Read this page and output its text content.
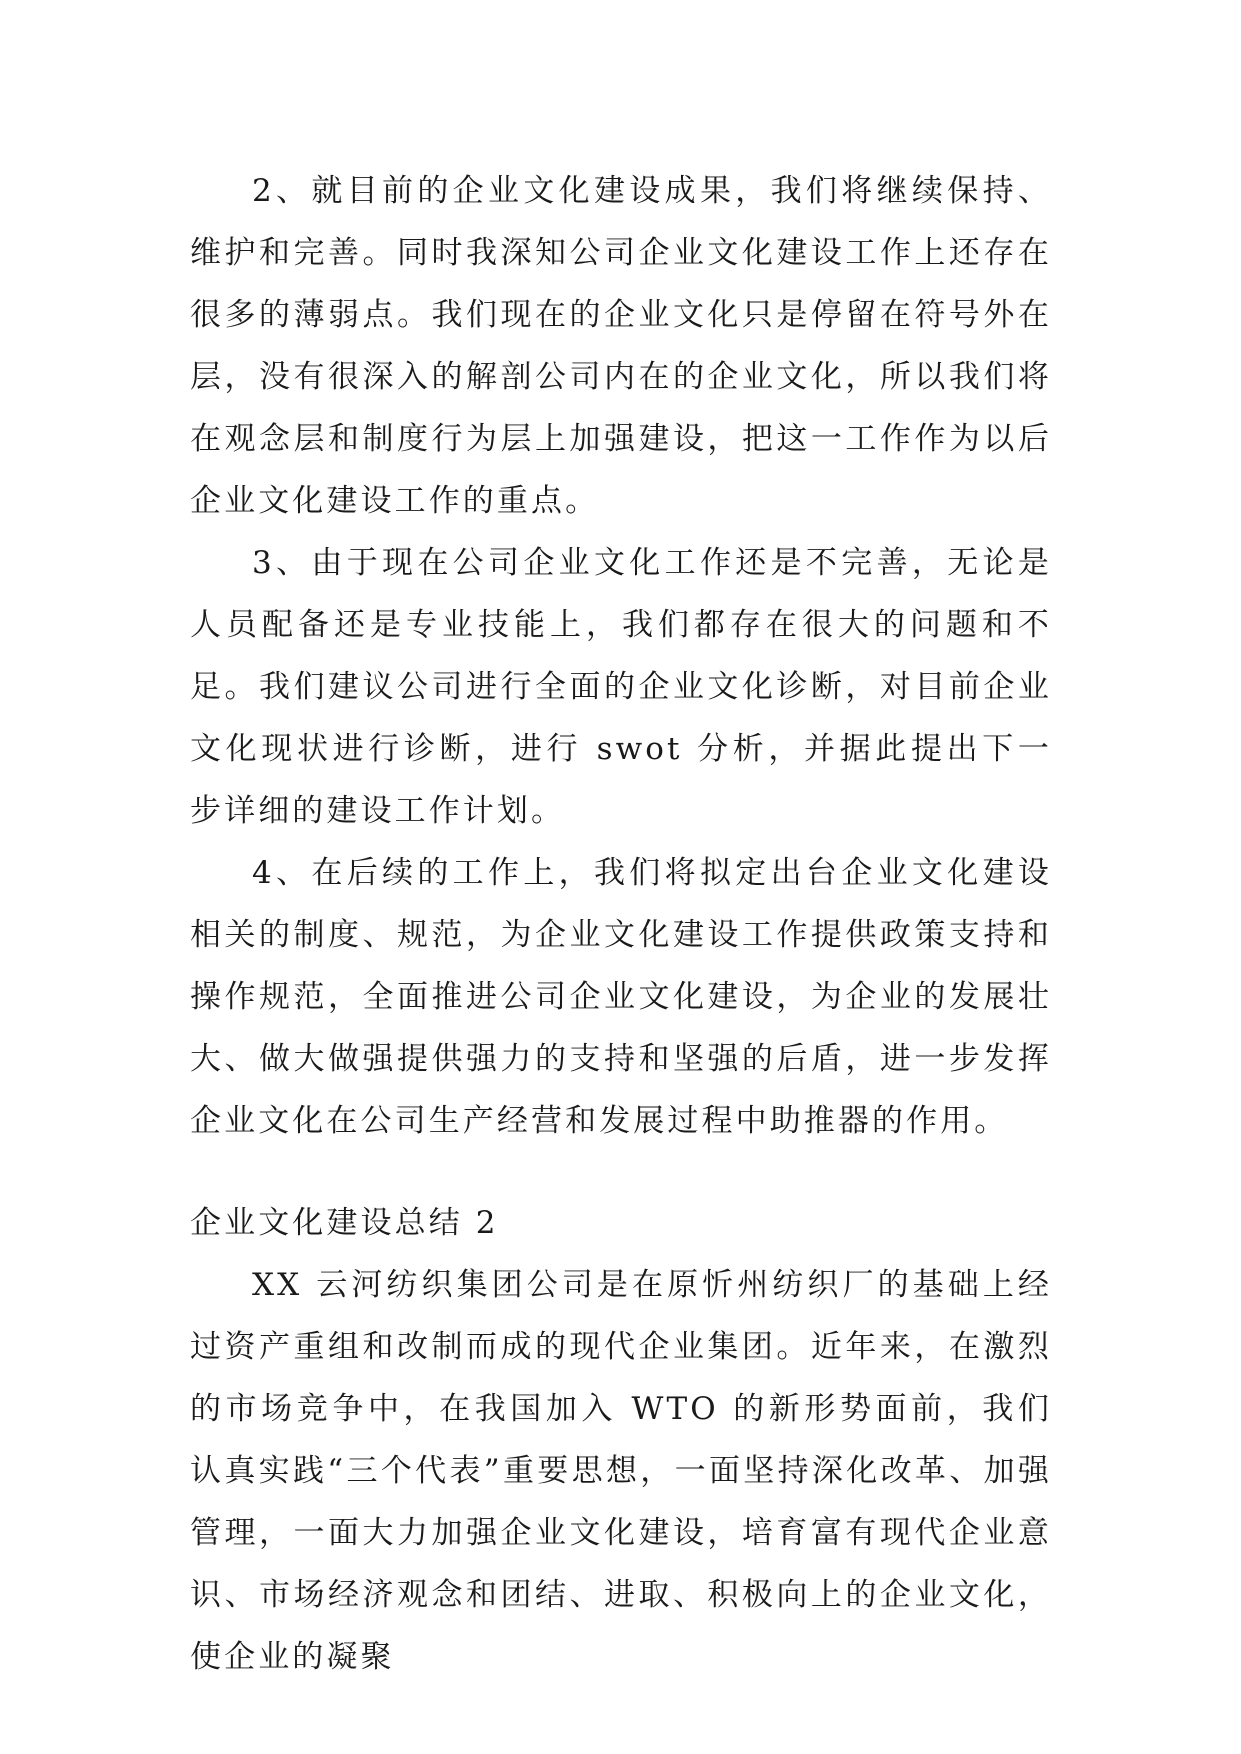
2、就目前的企业文化建设成果，我们将继续保持、维护和完善。同时我深知公司企业文化建设工作上还存在很多的薄弱点。我们现在的企业文化只是停留在符号外在层，没有很深入的解剖公司内在的企业文化，所以我们将在观念层和制度行为层上加强建设，把这一工作作为以后企业文化建设工作的重点。

3、由于现在公司企业文化工作还是不完善，无论是人员配备还是专业技能上，我们都存在很大的问题和不足。我们建议公司进行全面的企业文化诊断，对目前企业文化现状进行诊断，进行 swot 分析，并据此提出下一步详细的建设工作计划。

4、在后续的工作上，我们将拟定出台企业文化建设相关的制度、规范，为企业文化建设工作提供政策支持和操作规范，全面推进公司企业文化建设，为企业的发展壮大、做大做强提供强力的支持和坚强的后盾，进一步发挥企业文化在公司生产经营和发展过程中助推器的作用。

企业文化建设总结 2

XX 云河纺织集团公司是在原忻州纺织厂的基础上经过资产重组和改制而成的现代企业集团。近年来，在激烈的市场竞争中，在我国加入 WTO 的新形势面前，我们认真实践“三个代表”重要思想，一面坚持深化改革、加强管理，一面大力加强企业文化建设，培育富有现代企业意识、市场经济观念和团结、进取、积极向上的企业文化，使企业的凝聚
